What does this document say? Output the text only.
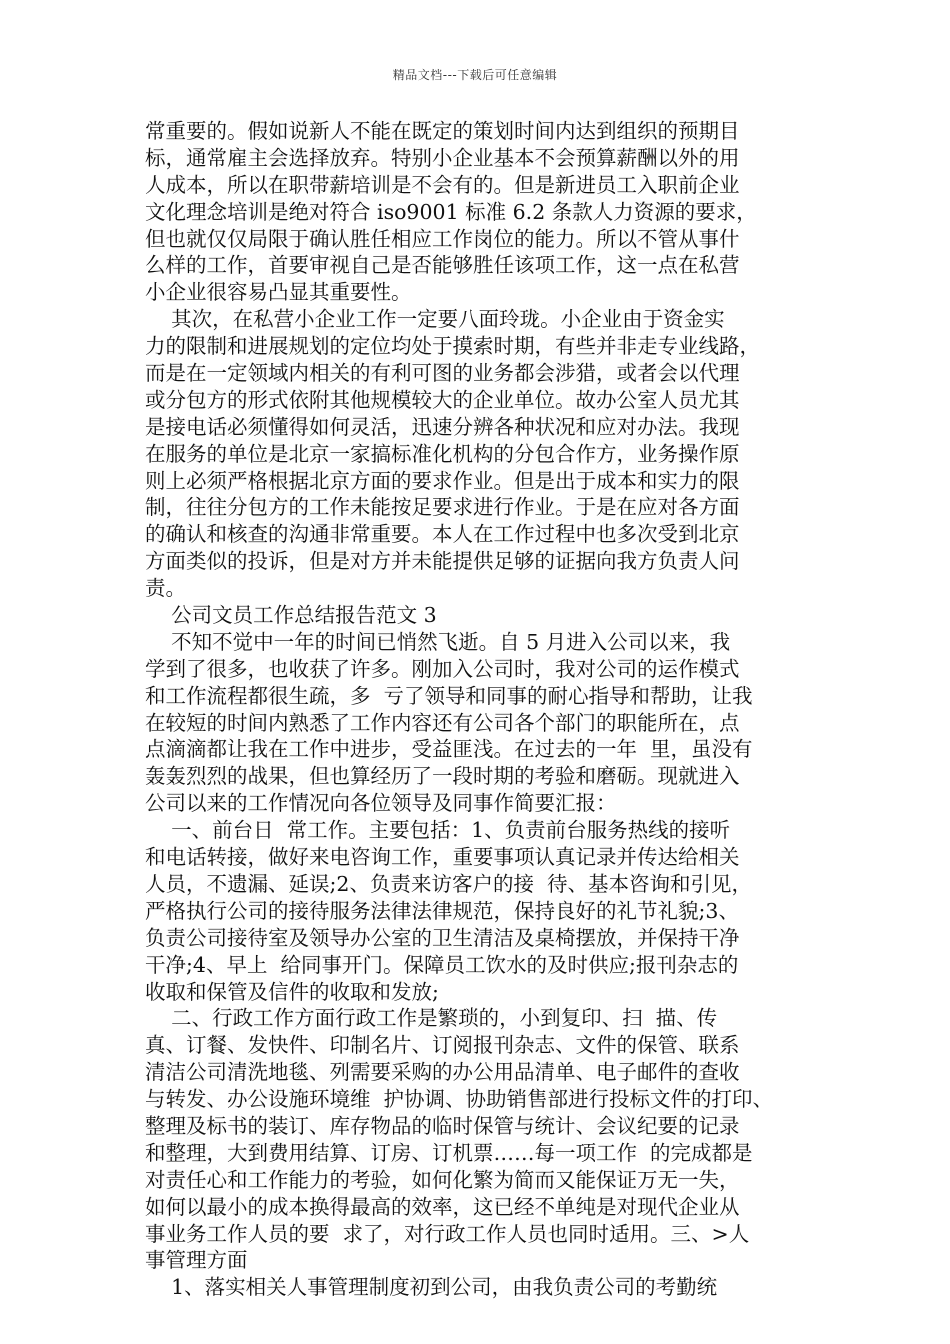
精品文档---下载后可任意编辑
常重要的。假如说新人不能在既定的策划时间内达到组织的预期目
标，通常雇主会选择放弃。特别小企业基本不会预算薪酬以外的用
人成本，所以在职带薪培训是不会有的。但是新进员工入职前企业
文化理念培训是绝对符合 iso9001 标准 6.2 条款人力资源的要求，
但也就仅仅局限于确认胜任相应工作岗位的能力。所以不管从事什
么样的工作，首要审视自己是否能够胜任该项工作，这一点在私营
小企业很容易凸显其重要性。
其次，在私营小企业工作一定要八面玲珑。小企业由于资金实
力的限制和进展规划的定位均处于摸索时期，有些并非走专业线路，
而是在一定领域内相关的有利可图的业务都会涉猎，或者会以代理
或分包方的形式依附其他规模较大的企业单位。故办公室人员尤其
是接电话必须懂得如何灵活，迅速分辨各种状况和应对办法。我现
在服务的单位是北京一家搞标准化机构的分包合作方，业务操作原
则上必须严格根据北京方面的要求作业。但是出于成本和实力的限
制，往往分包方的工作未能按足要求进行作业。于是在应对各方面
的确认和核查的沟通非常重要。本人在工作过程中也多次受到北京
方面类似的投诉，但是对方并未能提供足够的证据向我方负责人问
责。
公司文员工作总结报告范文 3
不知不觉中一年的时间已悄然飞逝。自 5 月进入公司以来，我
学到了很多，也收获了许多。刚加入公司时，我对公司的运作模式
和工作流程都很生疏，多  亏了领导和同事的耐心指导和帮助，让我
在较短的时间内熟悉了工作内容还有公司各个部门的职能所在，点
点滴滴都让我在工作中进步，受益匪浅。在过去的一年  里，虽没有
轰轰烈烈的战果，但也算经历了一段时期的考验和磨砺。现就进入
公司以来的工作情况向各位领导及同事作简要汇报：
一、前台日  常工作。主要包括：1、负责前台服务热线的接听
和电话转接，做好来电咨询工作，重要事项认真记录并传达给相关
人员，不遗漏、延误;2、负责来访客户的接  待、基本咨询和引见，
严格执行公司的接待服务法律法律规范，保持良好的礼节礼貌;3、
负责公司接待室及领导办公室的卫生清洁及桌椅摆放，并保持干净
干净;4、早上  给同事开门。保障员工饮水的及时供应;报刊杂志的
收取和保管及信件的收取和发放;
二、行政工作方面行政工作是繁琐的，小到复印、扫  描、传
真、订餐、发快件、印制名片、订阅报刊杂志、文件的保管、联系
清洁公司清洗地毯、列需要采购的办公用品清单、电子邮件的查收
与转发、办公设施环境维  护协调、协助销售部进行投标文件的打印、
整理及标书的装订、库存物品的临时保管与统计、会议纪要的记录
和整理，大到费用结算、订房、订机票……每一项工作  的完成都是
对责任心和工作能力的考验，如何化繁为简而又能保证万无一失，
如何以最小的成本换得最高的效率，这已经不单纯是对现代企业从
事业务工作人员的要  求了，对行政工作人员也同时适用。三、>人
事管理方面
1、落实相关人事管理制度初到公司，由我负责公司的考勤统
